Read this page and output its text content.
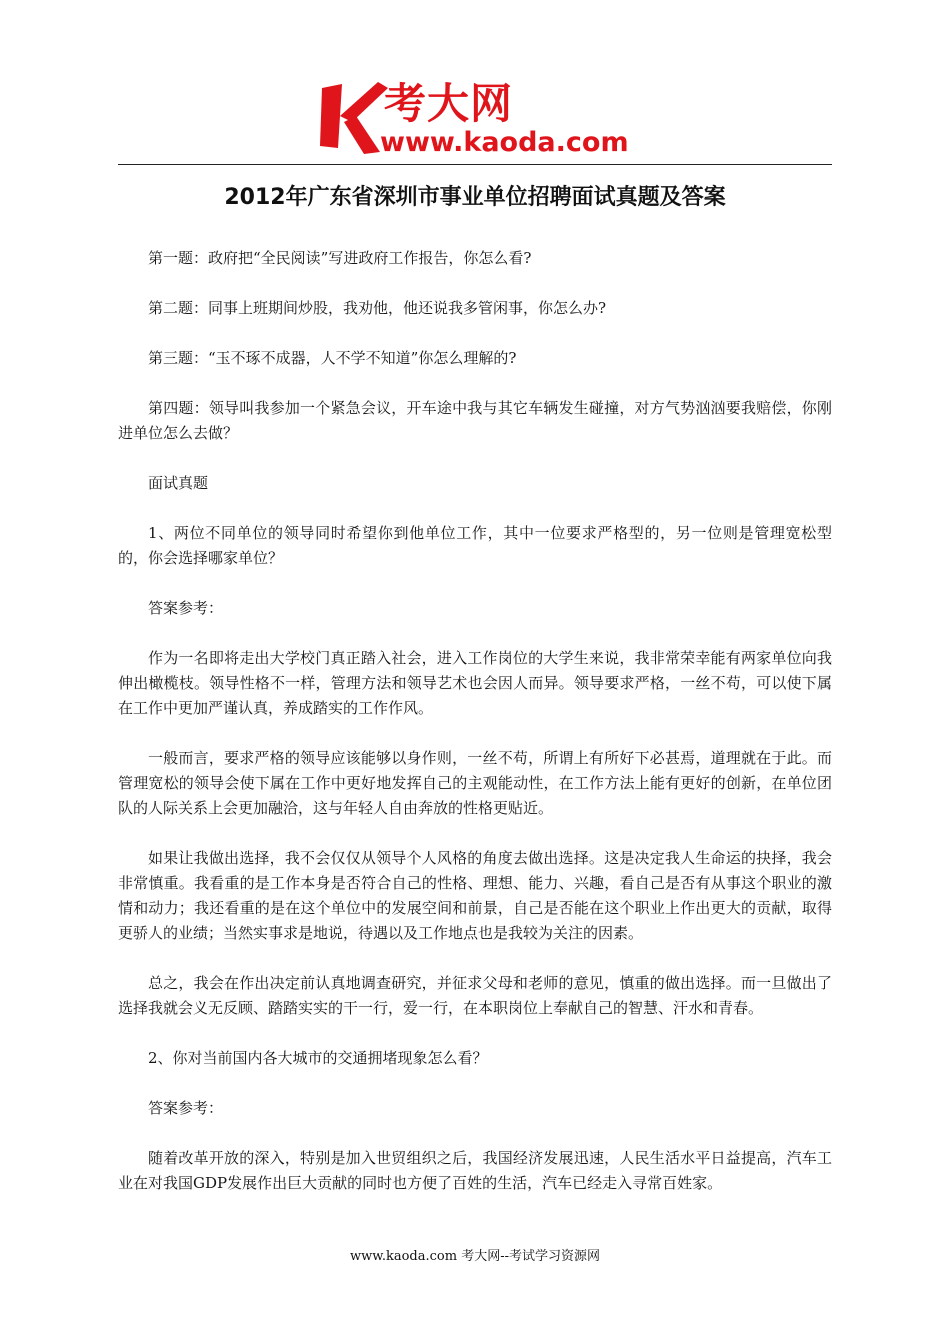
考大网
www.kaoda.com
2012年广东省深圳市事业单位招聘面试真题及答案

第一题：政府把“全民阅读”写进政府工作报告，你怎么看?

第二题：同事上班期间炒股，我劝他，他还说我多管闲事，你怎么办?

第三题：“玉不琢不成器，人不学不知道”你怎么理解的?

第四题：领导叫我参加一个紧急会议，开车途中我与其它车辆发生碰撞，对方气势汹汹要我赔偿，你刚进单位怎么去做？

面试真题

1、两位不同单位的领导同时希望你到他单位工作，其中一位要求严格型的，另一位则是管理宽松型的，你会选择哪家单位？

答案参考：

作为一名即将走出大学校门真正踏入社会，进入工作岗位的大学生来说，我非常荣幸能有两家单位向我伸出橄榄枝。领导性格不一样，管理方法和领导艺术也会因人而异。领导要求严格，一丝不苟，可以使下属在工作中更加严谨认真，养成踏实的工作作风。

一般而言，要求严格的领导应该能够以身作则，一丝不苟，所谓上有所好下必甚焉，道理就在于此。而管理宽松的领导会使下属在工作中更好地发挥自己的主观能动性，在工作方法上能有更好的创新，在单位团队的人际关系上会更加融洽，这与年轻人自由奔放的性格更贴近。

如果让我做出选择，我不会仅仅从领导个人风格的角度去做出选择。这是决定我人生命运的抉择，我会非常慎重。我看重的是工作本身是否符合自己的性格、理想、能力、兴趣，看自己是否有从事这个职业的激情和动力；我还看重的是在这个单位中的发展空间和前景，自己是否能在这个职业上作出更大的贡献，取得更骄人的业绩；当然实事求是地说，待遇以及工作地点也是我较为关注的因素。

总之，我会在作出决定前认真地调查研究，并征求父母和老师的意见，慎重的做出选择。而一旦做出了选择我就会义无反顾、踏踏实实的干一行，爱一行，在本职岗位上奉献自己的智慧、汗水和青春。

2、你对当前国内各大城市的交通拥堵现象怎么看？

答案参考：

随着改革开放的深入，特别是加入世贸组织之后，我国经济发展迅速，人民生活水平日益提高，汽车工业在对我国GDP发展作出巨大贡献的同时也方便了百姓的生活，汽车已经走入寻常百姓家。

www.kaoda.com 考大网--考试学习资源网
